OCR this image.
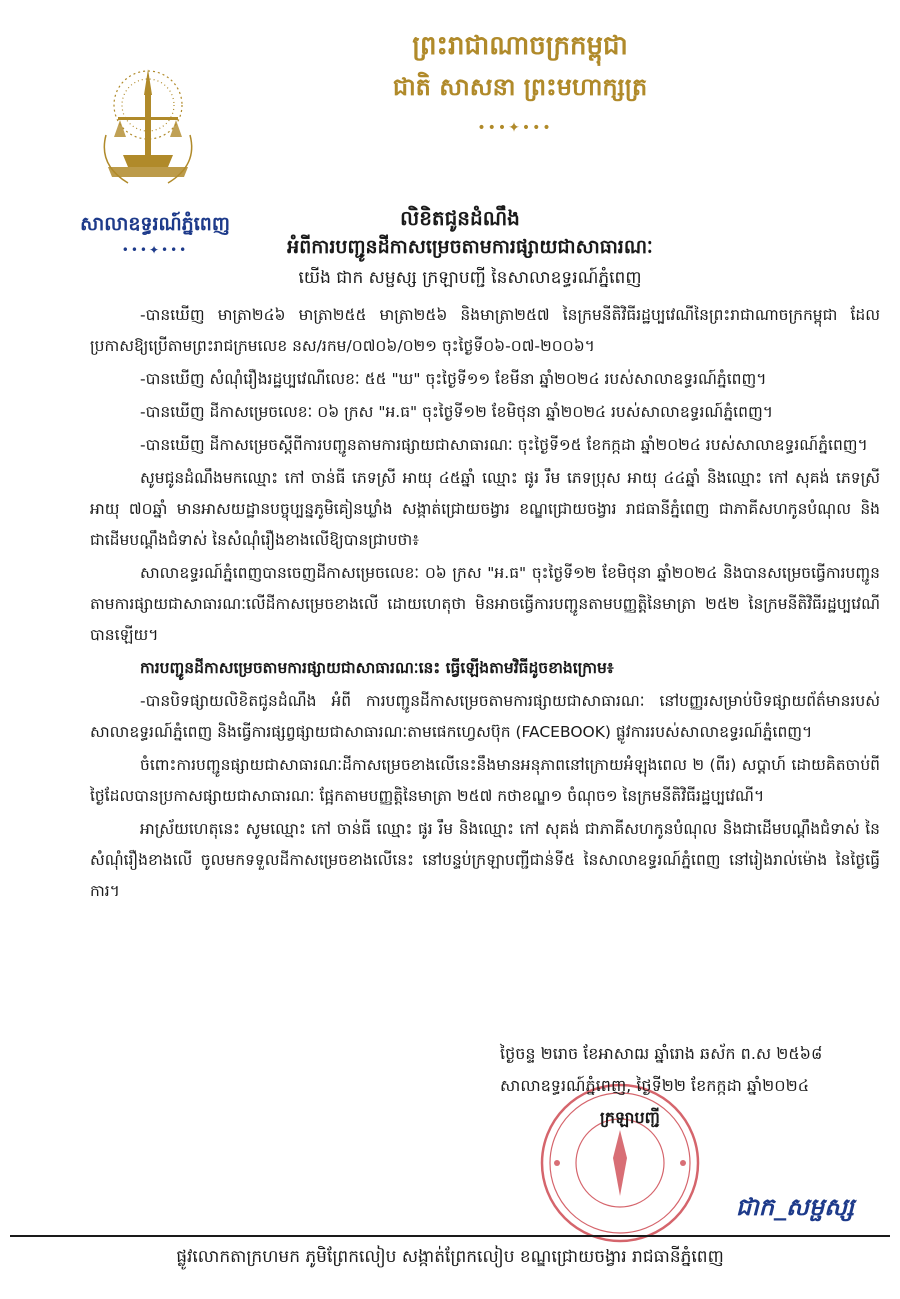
ព្រះរាជាណាចក្រកម្ពុជា
ជាតិ សាសនា ព្រះមហាក្សត្រ
•••✦•••
សាលាឧទ្ធរណ៍ភ្នំពេញ
•••✦•••
លិខិតជូនដំណឹង
អំពីការបញ្ជូនដីកាសម្រេចតាមការផ្សាយជាសាធារណៈ
យើង ជាក សម្ផស្ស ក្រឡាបញ្ជី នៃសាលាឧទ្ធរណ៍ភ្នំពេញ

-បានឃើញ មាត្រា២៤៦ មាត្រា២៥៥ មាត្រា២៥៦ និងមាត្រា២៥៧ នៃក្រមនីតិវិធីរដ្ឋប្បវេណីនៃព្រះរាជាណាចក្រកម្ពុជា ដែលប្រកាសឱ្យប្រើតាមព្រះរាជក្រមលេខ នស/រកម/០៧០៦/០២១ ចុះថ្ងៃទី០៦-០៧-២០០៦។

-បានឃើញ សំណុំរឿងរដ្ឋប្បវេណីលេខៈ ៥៥ "ឃ" ចុះថ្ងៃទី១១ ខែមីនា ឆ្នាំ២០២៤ របស់សាលាឧទ្ធរណ៍ភ្នំពេញ។

-បានឃើញ ដីកាសម្រេចលេខៈ ០៦ ក្រស "អ.ធ" ចុះថ្ងៃទី១២ ខែមិថុនា ឆ្នាំ២០២៤ របស់សាលាឧទ្ធរណ៍ភ្នំពេញ។

-បានឃើញ ដីកាសម្រេចស្ដីពីការបញ្ជូនតាមការផ្សាយជាសាធារណៈ ចុះថ្ងៃទី១៥ ខែកក្កដា ឆ្នាំ២០២៤ របស់សាលាឧទ្ធរណ៍ភ្នំពេញ។

សូមជូនដំណឹងមកឈ្មោះ កៅ ចាន់ធី ភេទស្រី អាយុ ៤៥ឆ្នាំ ឈ្មោះ ផូរ រឹម ភេទប្រុស អាយុ ៤៤ឆ្នាំ និងឈ្មោះ កៅ សុគង់ ភេទស្រី អាយុ ៧០ឆ្នាំ មានអាសយដ្ឋានបច្ចុប្បន្នភូមិគៀនឃ្លាំង សង្កាត់ជ្រោយចង្វារ ខណ្ឌជ្រោយចង្វារ រាជធានីភ្នំពេញ ជាភាគីសហកូនបំណុល និងជាដើមបណ្ដឹងជំទាស់ នៃសំណុំរឿងខាងលើឱ្យបានជ្រាបថា៖

សាលាឧទ្ធរណ៍ភ្នំពេញបានចេញដីកាសម្រេចលេខៈ ០៦ ក្រស "អ.ធ" ចុះថ្ងៃទី១២ ខែមិថុនា ឆ្នាំ២០២៤ និងបានសម្រេចធ្វើការបញ្ជូនតាមការផ្សាយជាសាធារណៈលើដីកាសម្រេចខាងលើ ដោយហេតុថា មិនអាចធ្វើការបញ្ជូនតាមបញ្ញត្តិនៃមាត្រា ២៥២ នៃក្រមនីតិវិធីរដ្ឋប្បវេណី បានឡើយ។

ការបញ្ជូនដីកាសម្រេចតាមការផ្សាយជាសាធារណៈនេះ ធ្វើឡើងតាមវិធីដូចខាងក្រោម៖

-បានបិទផ្សាយលិខិតជូនដំណឹង អំពី ការបញ្ជូនដីកាសម្រេចតាមការផ្សាយជាសាធារណៈ នៅបញ្ញរសម្រាប់បិទផ្សាយព័ត៌មានរបស់សាលាឧទ្ធរណ៍ភ្នំពេញ និងធ្វើការផ្សព្វផ្សាយជាសាធារណៈតាមផេកហ្វេសប៊ុក (FACEBOOK) ផ្លូវការរបស់សាលាឧទ្ធរណ៍ភ្នំពេញ។

ចំពោះការបញ្ជូនផ្សាយជាសាធារណៈដីកាសម្រេចខាងលើនេះនឹងមានអនុភាពនៅក្រោយអំឡុងពេល ២ (ពីរ) សប្ដាហ៍ ដោយគិតចាប់ពីថ្ងៃដែលបានប្រកាសផ្សាយជាសាធារណៈ ផ្អែកតាមបញ្ញត្តិនៃមាត្រា ២៥៧ កថាខណ្ឌ១ ចំណុច១ នៃក្រមនីតិវិធីរដ្ឋប្បវេណី។

អាស្រ័យហេតុនេះ សូមឈ្មោះ កៅ ចាន់ធី ឈ្មោះ ផូរ រឹម និងឈ្មោះ កៅ សុគង់ ជាភាគីសហកូនបំណុល និងជាដើមបណ្ដឹងជំទាស់ នៃសំណុំរឿងខាងលើ ចូលមកទទួលដីកាសម្រេចខាងលើនេះ នៅបន្ទប់ក្រឡាបញ្ជីជាន់ទី៥ នៃសាលាឧទ្ធរណ៍ភ្នំពេញ នៅរៀងរាល់ម៉ោង នៃថ្ងៃធ្វើការ។

ថ្ងៃចន្ទ ២រោច ខែអាសាឍ ឆ្នាំរោង ឆស័ក ព.ស ២៥៦៨
សាលាឧទ្ធរណ៍ភ្នំពេញ, ថ្ងៃទី២២ ខែកក្កដា ឆ្នាំ២០២៤
ក្រឡាបញ្ជី
ជាក_សម្ផស្ស
ផ្លូវលោកតាក្រហមក ភូមិព្រែកលៀប សង្កាត់ព្រែកលៀប ខណ្ឌជ្រោយចង្វារ រាជធានីភ្នំពេញ
